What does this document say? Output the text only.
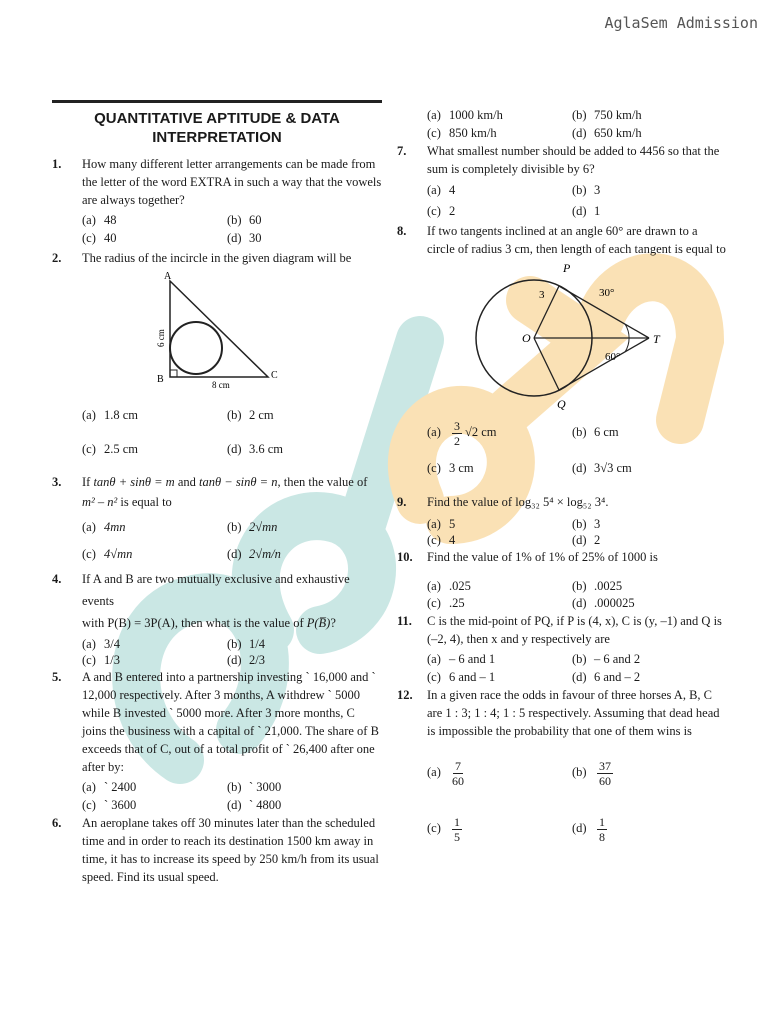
AglaSem Admission
QUANTITATIVE APTITUDE & DATA
INTERPRETATION
1. How many different letter arrangements can be made from the letter of the word EXTRA in such a way that the vowels are always together?
(a) 48	(b) 60
(c) 40	(d) 30
2. The radius of the incircle in the given diagram will be
A
B	C
6 cm
8 cm
(a) 1.8 cm	(b) 2 cm
(c) 2.5 cm	(d) 3.6 cm
3. If tanθ + sinθ = m and tanθ − sinθ = n, then the value of
m² – n² is equal to
(a) 4mn	(b) 2√mn
(c) 4√mn	(d) 2√m/n
4. If A and B are two mutually exclusive and exhaustive events
with P(B) = 3P(A), then what is the value of P(B̅)?
(a) 3/4	(b) 1/4
(c) 1/3	(d) 2/3
5. A and B entered into a partnership investing ` 16,000 and ` 12,000 respectively. After 3 months, A withdrew ` 5000 while B invested ` 5000 more. After 3 more months, C joins the business with a capital of ` 21,000. The share of B exceeds that of C, out of a total profit of ` 26,400 after one after by:
(a) ` 2400	(b) ` 3000
(c) ` 3600	(d) ` 4800
6. An aeroplane takes off 30 minutes later than the scheduled time and in order to reach its destination 1500 km away in time, it has to increase its speed by 250 km/h from its usual speed. Find its usual speed.
(a) 1000 km/h	(b) 750 km/h
(c) 850 km/h	(d) 650 km/h
7. What smallest number should be added to 4456 so that the sum is completely divisible by 6?
(a) 4	(b) 3
(c) 2	(d) 1
8. If two tangents inclined at an angle 60° are drawn to a circle of radius 3 cm, then length of each tangent is equal to
P
O	T
Q
3	30°
60°
$(a) \frac{3}{2} √2$ cm	(b) 6 cm
(c) 3 cm	(d) 3√3 cm
9. Find the value of log₃₂ 5⁴ × log₅₂ 3⁴.
(a) 5	(b) 3
(c) 4	(d) 2
10. Find the value of 1% of 1% of 25% of 1000 is
(a) .025	(b) .0025
(c) .25	(d) .000025
11. C is the mid-point of PQ, if P is (4, x), C is (y, –1) and Q is (–2, 4), then x and y respectively are
(a) – 6 and 1	(b) – 6 and 2
(c) 6 and – 1	(d) 6 and – 2
12. In a given race the odds in favour of three horses A, B, C are 1 : 3; 1 : 4; 1 : 5 respectively. Assuming that dead head is impossible the probability that one of them wins is
$(a) \frac{7}{60}$	$(b) \frac{37}{60}$
$(c) \frac{1}{5}$	$(d) \frac{1}{8}$
